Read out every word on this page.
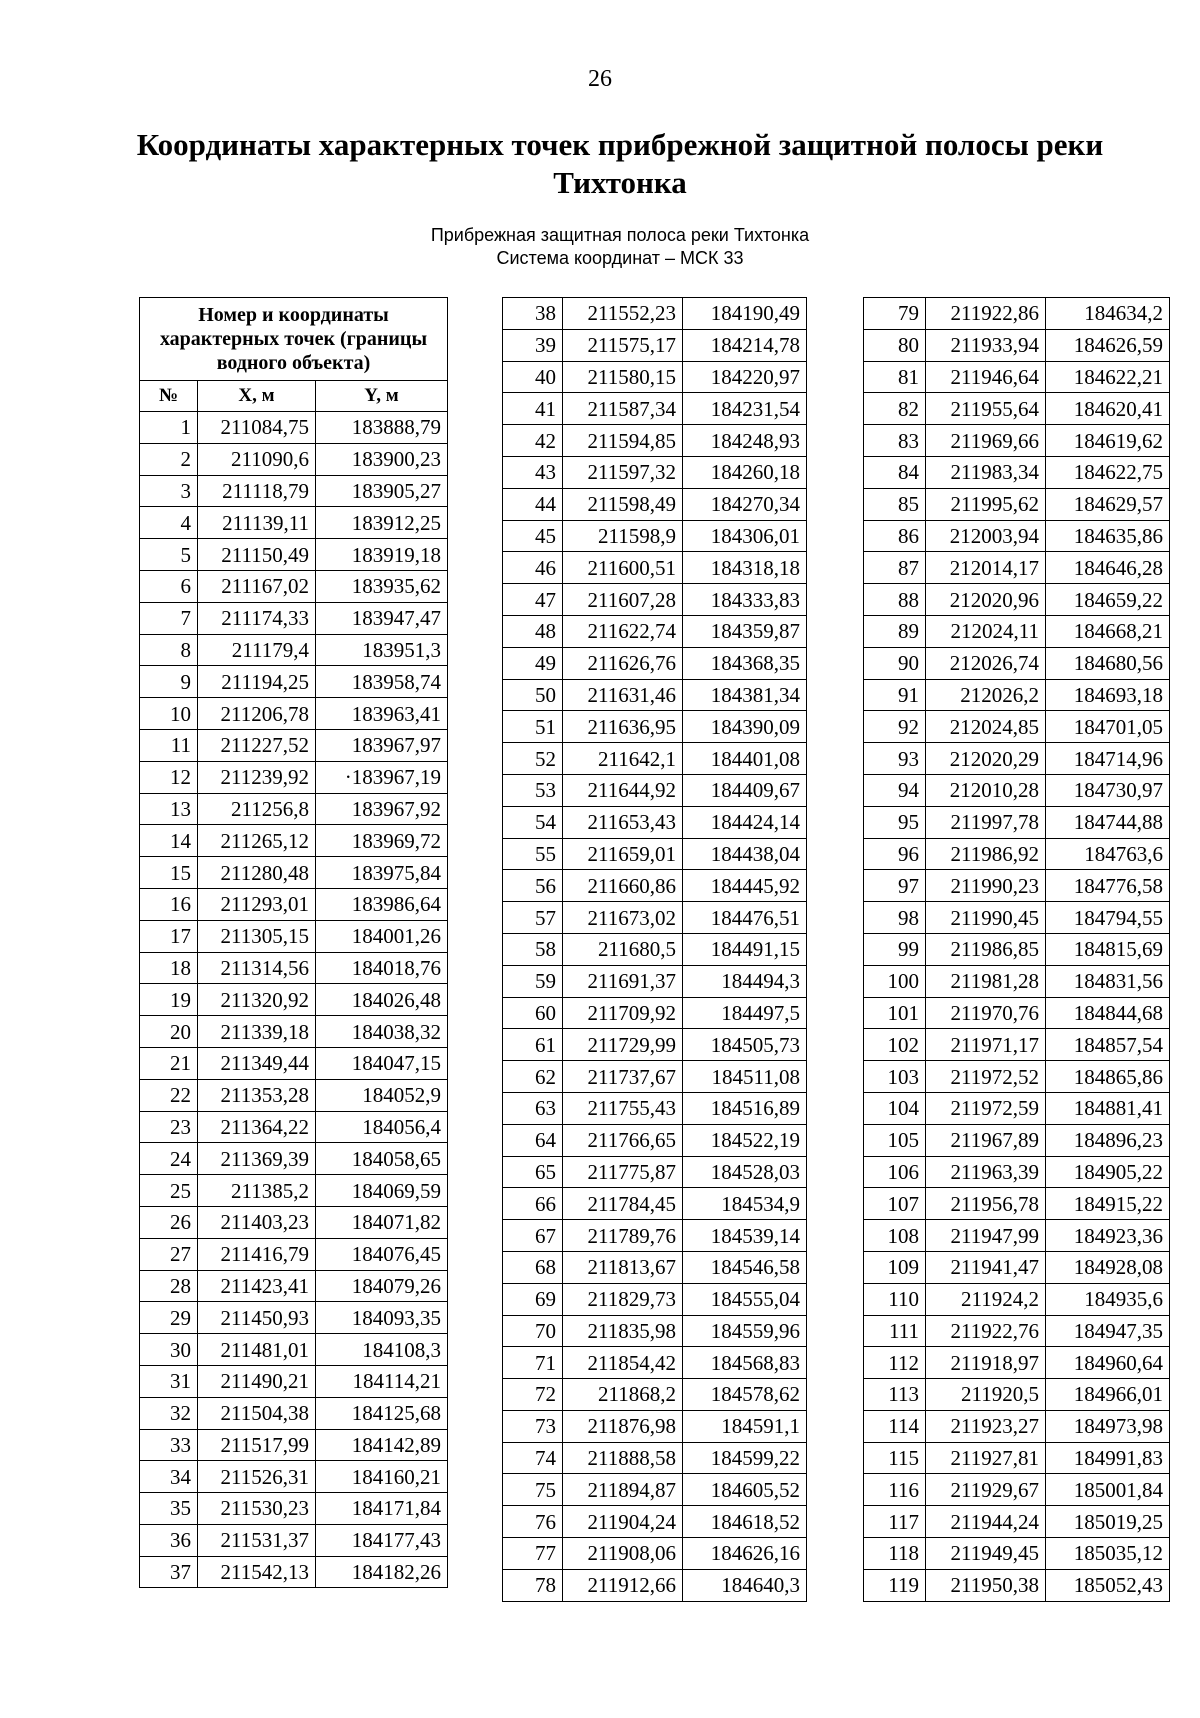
26
Координаты характерных точек прибрежной защитной полосы реки Тихтонка
Прибрежная защитная полоса реки Тихтонка
Система координат – МСК 33
Номер и координаты характерных точек (границы водного объекта)		
№	X, м	Y, м
1	211084,75	183888,79
2	211090,6	183900,23
3	211118,79	183905,27
4	211139,11	183912,25
5	211150,49	183919,18
6	211167,02	183935,62
7	211174,33	183947,47
8	211179,4	183951,3
9	211194,25	183958,74
10	211206,78	183963,41
11	211227,52	183967,97
12	211239,92	·183967,19
13	211256,8	183967,92
14	211265,12	183969,72
15	211280,48	183975,84
16	211293,01	183986,64
17	211305,15	184001,26
18	211314,56	184018,76
19	211320,92	184026,48
20	211339,18	184038,32
21	211349,44	184047,15
22	211353,28	184052,9
23	211364,22	184056,4
24	211369,39	184058,65
25	211385,2	184069,59
26	211403,23	184071,82
27	211416,79	184076,45
28	211423,41	184079,26
29	211450,93	184093,35
30	211481,01	184108,3
31	211490,21	184114,21
32	211504,38	184125,68
33	211517,99	184142,89
34	211526,31	184160,21
35	211530,23	184171,84
36	211531,37	184177,43
37	211542,13	184182,26
38	211552,23	184190,49
39	211575,17	184214,78
40	211580,15	184220,97
41	211587,34	184231,54
42	211594,85	184248,93
43	211597,32	184260,18
44	211598,49	184270,34
45	211598,9	184306,01
46	211600,51	184318,18
47	211607,28	184333,83
48	211622,74	184359,87
49	211626,76	184368,35
50	211631,46	184381,34
51	211636,95	184390,09
52	211642,1	184401,08
53	211644,92	184409,67
54	211653,43	184424,14
55	211659,01	184438,04
56	211660,86	184445,92
57	211673,02	184476,51
58	211680,5	184491,15
59	211691,37	184494,3
60	211709,92	184497,5
61	211729,99	184505,73
62	211737,67	184511,08
63	211755,43	184516,89
64	211766,65	184522,19
65	211775,87	184528,03
66	211784,45	184534,9
67	211789,76	184539,14
68	211813,67	184546,58
69	211829,73	184555,04
70	211835,98	184559,96
71	211854,42	184568,83
72	211868,2	184578,62
73	211876,98	184591,1
74	211888,58	184599,22
75	211894,87	184605,52
76	211904,24	184618,52
77	211908,06	184626,16
78	211912,66	184640,3
79	211922,86	184634,2
80	211933,94	184626,59
81	211946,64	184622,21
82	211955,64	184620,41
83	211969,66	184619,62
84	211983,34	184622,75
85	211995,62	184629,57
86	212003,94	184635,86
87	212014,17	184646,28
88	212020,96	184659,22
89	212024,11	184668,21
90	212026,74	184680,56
91	212026,2	184693,18
92	212024,85	184701,05
93	212020,29	184714,96
94	212010,28	184730,97
95	211997,78	184744,88
96	211986,92	184763,6
97	211990,23	184776,58
98	211990,45	184794,55
99	211986,85	184815,69
100	211981,28	184831,56
101	211970,76	184844,68
102	211971,17	184857,54
103	211972,52	184865,86
104	211972,59	184881,41
105	211967,89	184896,23
106	211963,39	184905,22
107	211956,78	184915,22
108	211947,99	184923,36
109	211941,47	184928,08
110	211924,2	184935,6
111	211922,76	184947,35
112	211918,97	184960,64
113	211920,5	184966,01
114	211923,27	184973,98
115	211927,81	184991,83
116	211929,67	185001,84
117	211944,24	185019,25
118	211949,45	185035,12
119	211950,38	185052,43
